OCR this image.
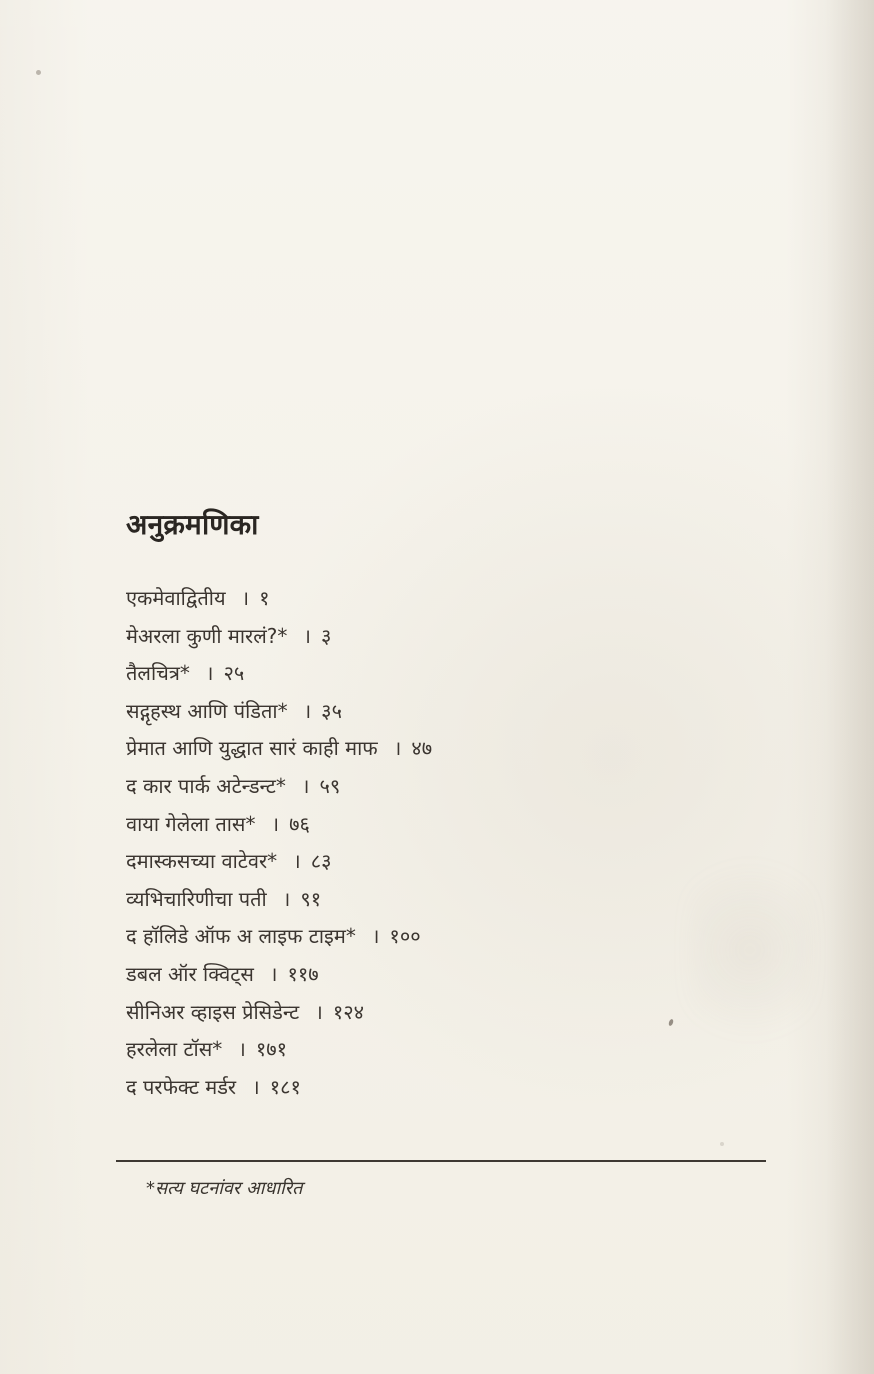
अनुक्रमणिका
एकमेवाद्वितीय । १
मेअरला कुणी मारलं?* । ३
तैलचित्र* । २५
सद्गृहस्थ आणि पंडिता* । ३५
प्रेमात आणि युद्धात सारं काही माफ । ४७
द कार पार्क अटेन्डन्ट* । ५९
वाया गेलेला तास* । ७६
दमास्कसच्या वाटेवर* । ८३
व्यभिचारिणीचा पती । ९१
द हॉलिडे ऑफ अ लाइफ टाइम* । १००
डबल ऑर क्विट्स । ११७
सीनिअर व्हाइस प्रेसिडेन्ट । १२४
हरलेला टॉस* । १७१
द परफेक्ट मर्डर । १८१
*सत्य घटनांवर आधारित
